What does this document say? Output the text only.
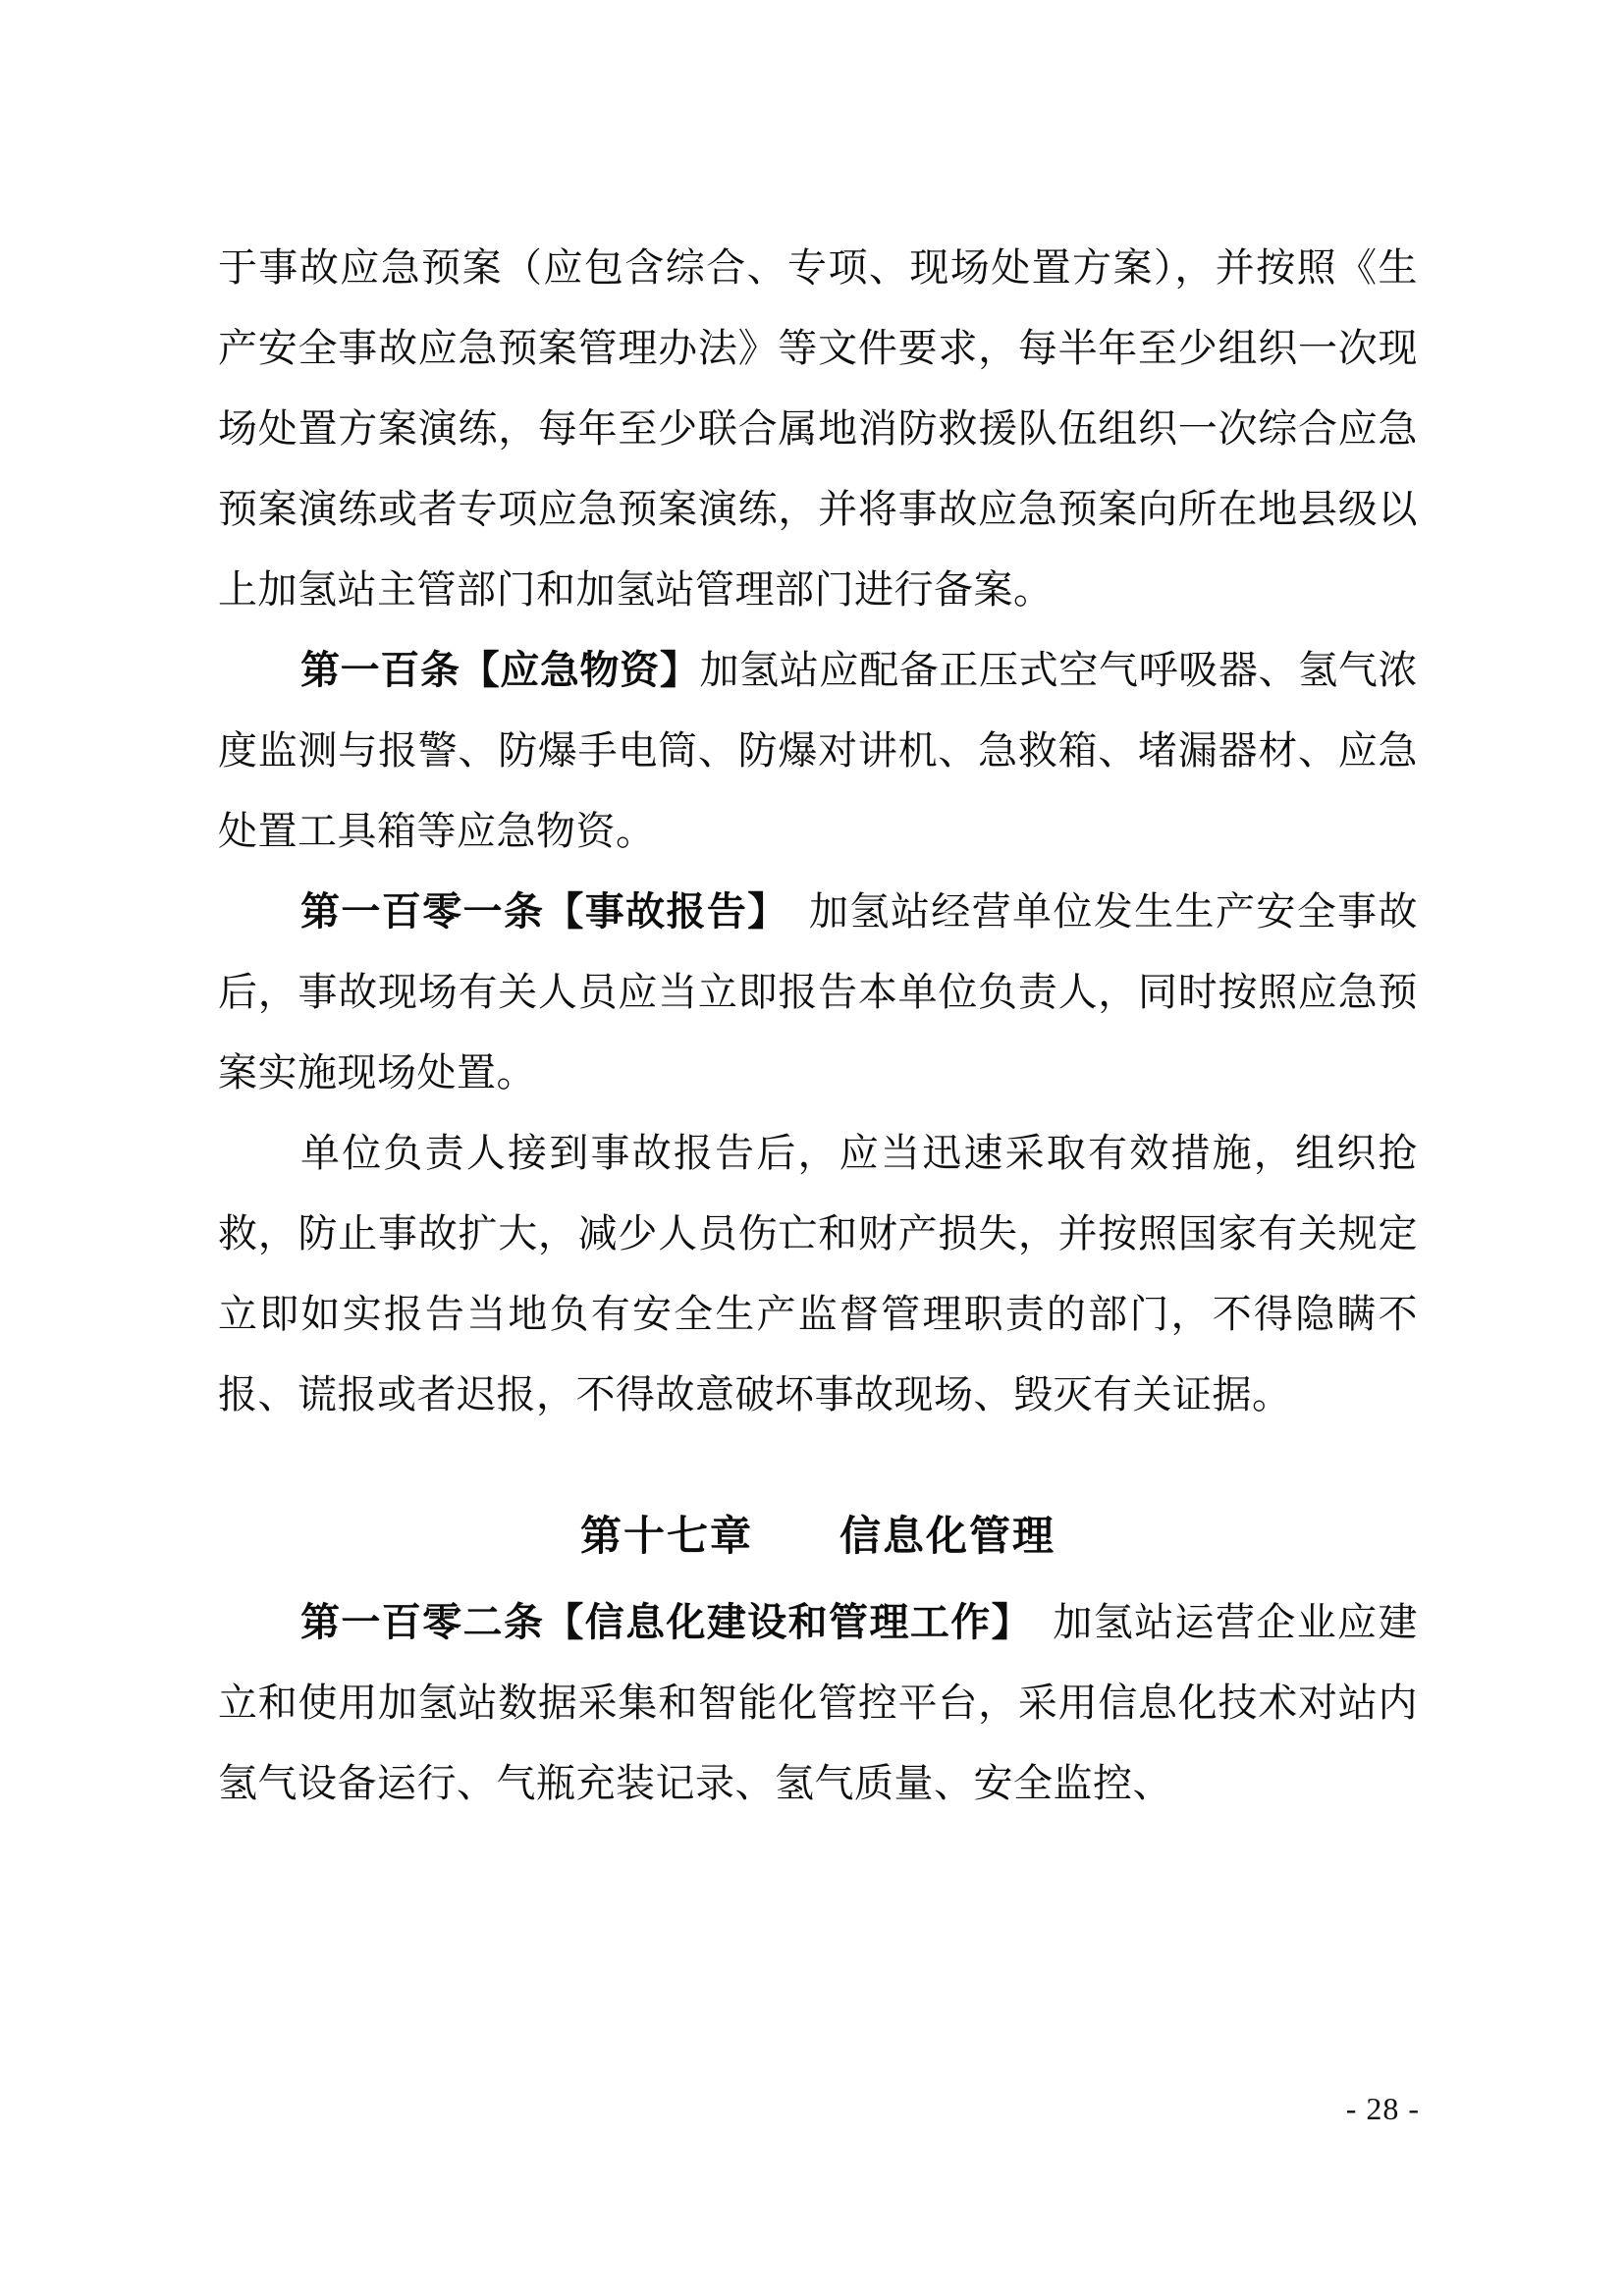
于事故应急预案（应包含综合、专项、现场处置方案），并按照《生产安全事故应急预案管理办法》等文件要求，每半年至少组织一次现场处置方案演练，每年至少联合属地消防救援队伍组织一次综合应急预案演练或者专项应急预案演练，并将事故应急预案向所在地县级以上加氢站主管部门和加氢站管理部门进行备案。

第一百条【应急物资】加氢站应配备正压式空气呼吸器、氢气浓度监测与报警、防爆手电筒、防爆对讲机、急救箱、堵漏器材、应急处置工具箱等应急物资。

第一百零一条【事故报告】　加氢站经营单位发生生产安全事故后，事故现场有关人员应当立即报告本单位负责人，同时按照应急预案实施现场处置。

单位负责人接到事故报告后，应当迅速采取有效措施，组织抢救，防止事故扩大，减少人员伤亡和财产损失，并按照国家有关规定立即如实报告当地负有安全生产监督管理职责的部门，不得隐瞒不报、谎报或者迟报，不得故意破坏事故现场、毁灭有关证据。

第十七章　　信息化管理

第一百零二条【信息化建设和管理工作】　加氢站运营企业应建立和使用加氢站数据采集和智能化管控平台，采用信息化技术对站内氢气设备运行、气瓶充装记录、氢气质量、安全监控、

- 28 -
